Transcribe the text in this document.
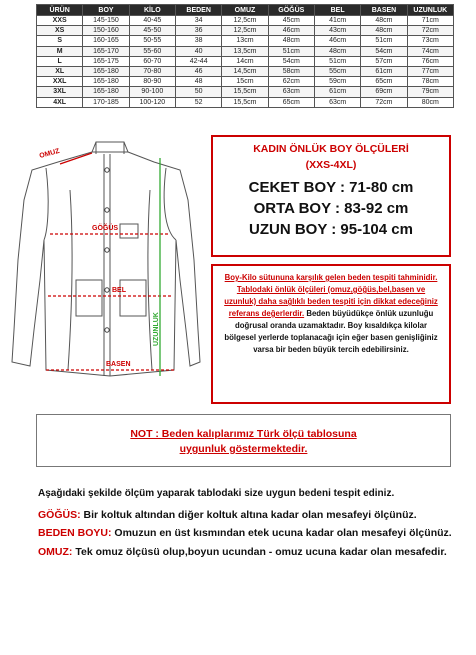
ÜRÜN	BOY	KİLO	BEDEN	OMUZ	GÖĞÜS	BEL	BASEN	UZUNLUK
XXS	145-150	40-45	34	12,5cm	45cm	41cm	48cm	71cm
XS	150-160	45-50	36	12,5cm	46cm	43cm	48cm	72cm
S	160-165	50-55	38	13cm	48cm	46cm	51cm	73cm
M	165-170	55-60	40	13,5cm	51cm	48cm	54cm	74cm
L	165-175	60-70	42-44	14cm	54cm	51cm	57cm	76cm
XL	165-180	70-80	46	14,5cm	58cm	55cm	61cm	77cm
XXL	165-180	80-90	48	15cm	62cm	59cm	65cm	78cm
3XL	165-180	90-100	50	15,5cm	63cm	61cm	69cm	79cm
4XL	170-185	100-120	52	15,5cm	65cm	63cm	72cm	80cm
OMUZ
GÖĞÜS
BEL
BASEN
UZUNLUK
KADIN ÖNLÜK BOY ÖLÇÜLERİ
(XXS-4XL)
CEKET BOY : 71-80 cm
ORTA BOY : 83-92 cm
UZUN BOY : 95-104 cm
Boy-Kilo sütununa karşılık gelen beden tespiti tahminidir. Tablodaki önlük ölçüleri (omuz,göğüs,bel,basen ve uzunluk) daha sağlıklı beden tespiti için dikkat edeceğiniz referans değerlerdir. Beden büyüdükçe önlük uzunluğu doğrusal oranda uzamaktadır. Boy kısaldıkça kilolar bölgesel yerlerde toplanacağı için eğer basen genişliğiniz varsa bir beden büyük tercih edebilirsiniz.
NOT : Beden kalıplarımız Türk ölçü tablosuna
uygunluk göstermektedir.
Aşağıdaki şekilde ölçüm yaparak tablodaki size uygun bedeni tespit ediniz.

GÖĞÜS: Bir koltuk altından diğer koltuk altına kadar olan mesafeyi ölçünüz.

BEDEN BOYU: Omuzun en üst kısmından etek ucuna kadar olan mesafeyi ölçünüz.

OMUZ: Tek omuz ölçüsü olup,boyun ucundan - omuz ucuna kadar olan mesafedir.
